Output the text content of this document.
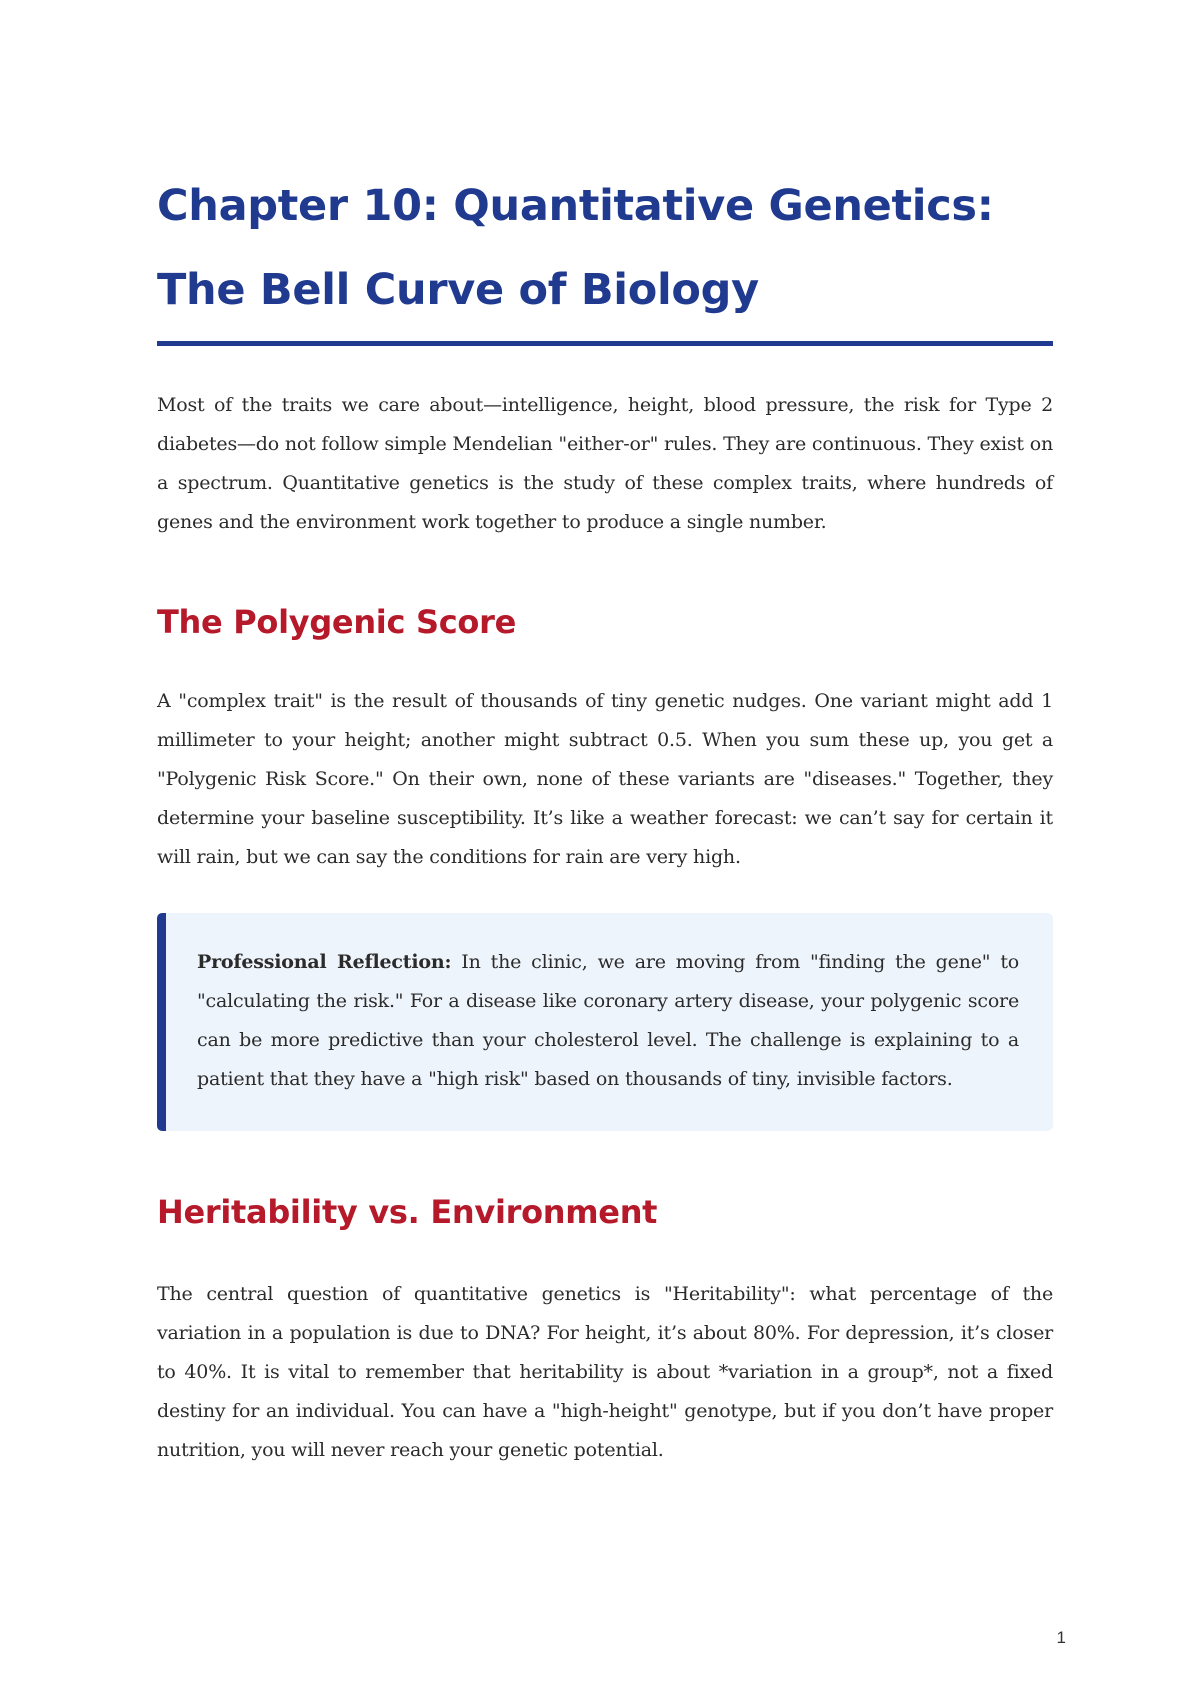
Chapter 10: Quantitative Genetics:
The Bell Curve of Biology

Most of the traits we care about—intelligence, height, blood pressure, the risk for Type 2 diabetes—do not follow simple Mendelian "either-or" rules. They are continuous. They exist on a spectrum. Quantitative genetics is the study of these complex traits, where hundreds of genes and the environment work together to produce a single number.

The Polygenic Score

A "complex trait" is the result of thousands of tiny genetic nudges. One variant might add 1 millimeter to your height; another might subtract 0.5. When you sum these up, you get a "Polygenic Risk Score." On their own, none of these variants are "diseases." Together, they determine your baseline susceptibility. It’s like a weather forecast: we can’t say for certain it will rain, but we can say the conditions for rain are very high.

Professional Reflection: In the clinic, we are moving from "finding the gene" to "calculating the risk." For a disease like coronary artery disease, your polygenic score can be more predictive than your cholesterol level. The challenge is explaining to a patient that they have a "high risk" based on thousands of tiny, invisible factors.

Heritability vs. Environment

The central question of quantitative genetics is "Heritability": what percentage of the variation in a population is due to DNA? For height, it’s about 80%. For depression, it’s closer to 40%. It is vital to remember that heritability is about *variation in a group*, not a fixed destiny for an individual. You can have a "high-height" genotype, but if you don’t have proper nutrition, you will never reach your genetic potential.

1
